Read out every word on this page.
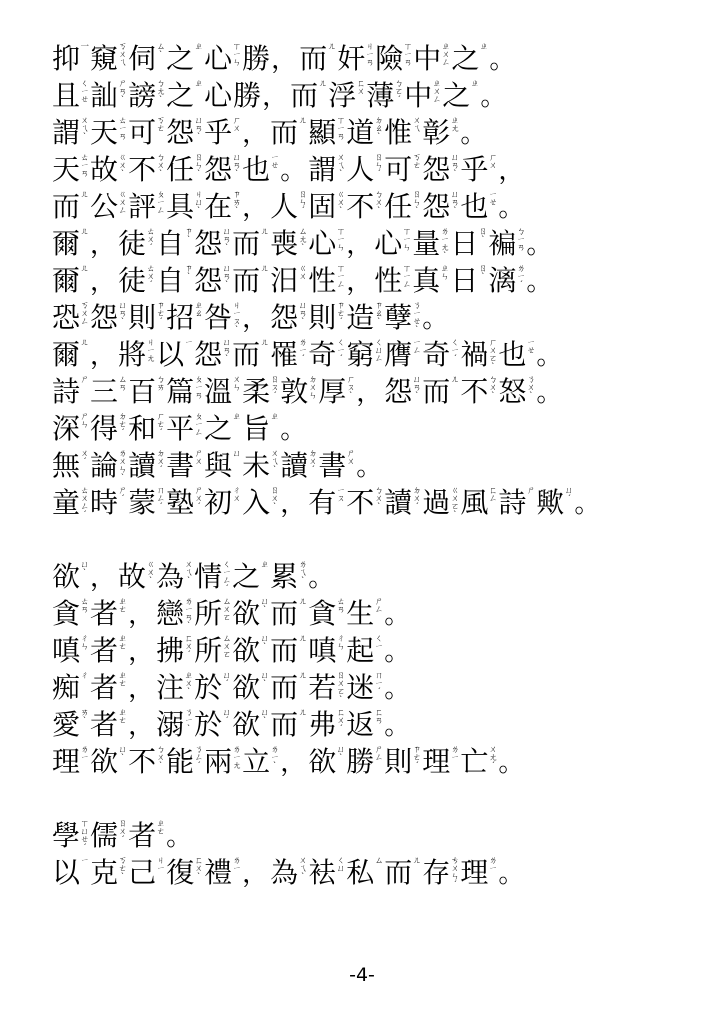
抑 一 窺 ㄎ
ㄨ
ㄟ 伺 ㄙ
ˋ 之 ㄓ 心 ㄒ
ㄧ
ㄣ 勝 ， 而 ㄦ 奸 ㄐ
ㄧ
ㄢ 險 ㄒ
ㄧ
ㄢ 中 ㄓ
ㄨ
ㄥ 之 ㄓ 。
且 ㄑ
ㄧ
ㄝ 訕 ㄕ
ㄢ
ˋ 謗 ㄅ
ㄤ
ˋ 之 ㄓ 心 勝 ， 而 ㄦ 浮 ㄈ
ㄨ 薄 ㄅ
ㄛ
ˊ 中 ㄓ
ㄨ
ㄥ 之 ㄓ 。
謂 ㄨ
ㄟ
ˋ 天 ㄊ
ㄧ
ㄢ 可 ㄎ
ㄜ 怨 ㄩ
ㄢ
ˋ 乎 ㄏ
ㄨ ， 而 ㄦ 顯 ㄒ
ㄧ
ㄢ 道 ㄉ
ㄠ
ˋ 惟 ㄨ
ㄟ 彰 ㄓ
ㄤ 。
天 ㄊ
ㄧ
ㄢ 故 ㄍ
ㄨ
ˋ 不 ㄅ
ㄨ
ˋ 任 ㄖ
ㄣ
ˋ 怨 ㄩ
ㄢ
ˋ 也 ㄧ
ㄝ 。 謂 ㄨ
ㄟ
ˋ 人 ㄖ
ㄣ
ˊ 可 ㄎ
ㄜ 怨 ㄩ
ㄢ
ˋ 乎 ㄏ
ㄨ ，
而 ㄦ 公 ㄍ
ㄨ
ㄥ 評 ㄆ
ㄧ
ㄥ 具 ㄐ
ㄩ
ˋ 在 ㄗ
ㄞ
ˋ ， 人 ㄖ
ㄣ
ˊ 固 ㄍ
ㄨ
ˋ 不 ㄅ
ㄨ
ˋ 任 ㄖ
ㄣ
ˋ 怨 ㄩ
ㄢ
ˋ 也 ㄧ
ㄝ 。
爾 ㄦ ， 徒 ㄊ
ㄨ
ˊ 自 ㄗ
ˋ 怨 ㄩ
ㄢ
ˋ 而 ㄦ 喪 ㄙ
ㄤ
ˋ 心 ㄒ
ㄧ
ㄣ ， 心 ㄒ
ㄧ
ㄣ 量 ㄌ
ㄧ
ㄤ
ˋ 日 ㄖ
ˋ 褊 ㄅ
ㄧ
ㄢ 。
爾 ㄦ ， 徒 ㄊ
ㄨ
ˊ 自 ㄗ
ˋ 怨 ㄩ
ㄢ
ˋ 而 ㄦ 汨 ㄍ
ㄨ 性 ㄒ
ㄧ
ㄥ ， 性 ㄒ
ㄧ
ㄥ 真 ㄓ
ㄣ 日 ㄖ
ˋ 漓 ㄌ
ㄧ
ˊ 。
恐 ㄎ
ㄨ
ㄥ 怨 ㄩ
ㄢ
ˋ 則 ㄗ
ㄜ
ˊ 招 ㄓ
ㄠ 咎 ㄐ
ㄧ
ㄡ
ˋ ， 怨 ㄩ
ㄢ
ˋ 則 ㄗ
ㄜ
ˊ 造 ㄗ
ㄠ
ˋ 孽 ㄋ
ㄧ
ㄝ
ˋ 。
爾 ㄦ ， 將 ㄐ
ㄧ
ㄤ 以 ㄧ 怨 ㄩ
ㄢ
ˋ 而 ㄦ 罹 ㄌ
ㄧ
ˊ 奇 ㄑ
ㄧ
ˊ 窮 ㄑ
ㄩ
ㄥ 膺 ㄧ
ㄥ 奇 ㄑ
ㄧ
ˊ 禍 ㄏ
ㄨ
ㄛ
ˋ 也 ㄧ
ㄝ 。
詩 ㄕ 三 ㄙ
ㄢ 百 ㄅ
ㄞ 篇 ㄆ
ㄧ
ㄢ 溫 ㄨ
ㄣ 柔 ㄖ
ㄡ
ˊ 敦 ㄉ
ㄨ
ㄣ 厚 ㄏ
ㄡ
ˋ ， 怨 ㄩ
ㄢ
ˋ 而 ㄦ 不 ㄅ
ㄨ
ˋ 怒 ㄋ
ㄨ
ˋ 。
深 ㄕ
ㄣ 得 ㄉ
ㄜ
ˊ 和 ㄏ
ㄜ
ˊ 平 ㄆ
ㄧ
ㄥ 之 ㄓ 旨 ㄓ 。
無 ㄨ
ˊ 論 ㄌ
ㄨ
ㄣ
ˋ 讀 ㄉ
ㄨ
ˊ 書 ㄕ
ㄨ 與 ㄩ 未 ㄨ
ㄟ
ˋ 讀 ㄉ
ㄨ
ˊ 書 ㄕ
ㄨ 。
童 ㄊ
ㄨ
ㄥ
ˊ 時 ㄕ
ˊ 蒙 ㄇ
ㄥ
ˊ 塾 ㄕ
ㄨ
ˊ 初 ㄔ
ㄨ 入 ㄖ
ㄨ
ˋ ， 有 ㄧ
ㄡ 不 ㄅ
ㄨ
ˋ 讀 ㄉ
ㄨ
ˊ 過 ㄍ
ㄨ
ㄛ
ˋ 風 ㄈ
ㄥ 詩 ㄕ 歟 ㄩ
ˊ 。
欲 ㄩ
ˋ ， 故 ㄍ
ㄨ
ˋ 為 ㄨ
ㄟ
ˋ 情 ㄑ
ㄧ
ㄥ
ˊ 之 ㄓ 累 ㄌ
ㄟ
ˋ 。
貪 ㄊ
ㄢ 者 ㄓ
ㄜ ， 戀 ㄌ
ㄧ
ㄢ
ˋ 所 ㄙ
ㄨ
ㄛ 欲 ㄩ
ˋ 而 ㄦ 貪 ㄊ
ㄢ 生 ㄕ
ㄥ 。
嗔 ㄔ
ㄣ 者 ㄓ
ㄜ ， 拂 ㄈ
ㄨ
ˊ 所 ㄙ
ㄨ
ㄛ 欲 ㄩ
ˋ 而 ㄦ 嗔 ㄔ
ㄣ 起 ㄑ
ㄧ 。
痴 ㄔ 者 ㄓ
ㄜ ， 注 ㄓ
ㄨ
ˋ 於 ㄩ
ˊ 欲 ㄩ
ˋ 而 ㄦ 若 ㄖ
ㄨ
ㄛ
ˋ 迷 ㄇ
ㄧ
ˊ 。
愛 ㄞ
ˋ 者 ㄓ
ㄜ ， 溺 ㄋ
ㄧ
ˋ 於 ㄩ
ˊ 欲 ㄩ
ˋ 而 ㄦ 弗 ㄈ
ㄨ
ˊ 返 ㄈ
ㄢ 。
理 ㄌ
ㄧ 欲 ㄩ
ˋ 不 ㄅ
ㄨ
ˋ 能 ㄋ
ㄥ
ˊ 兩 ㄌ
ㄧ
ㄤ 立 ㄌ
ㄧ
ˋ ， 欲 ㄩ
ˋ 勝 ㄕ
ㄥ 則 ㄗ
ㄜ
ˊ 理 ㄌ
ㄧ 亡 ㄨ
ㄤ
ˊ 。
學 ㄒ
ㄩ
ㄝ
ˊ 儒 ㄖ
ㄨ
ˊ 者 ㄓ
ㄜ 。
以 ㄧ 克 ㄎ
ㄜ
ˋ 己 ㄐ
ㄧ 復 ㄈ
ㄨ
ˋ 禮 ㄌ
ㄧ ， 為 ㄨ
ㄟ
ˋ 袪 ㄑ
ㄩ 私 ㄙ 而 ㄦ 存 ㄘ
ㄨ
ㄣ
ˊ 理 ㄌ
ㄧ 。
-4-
